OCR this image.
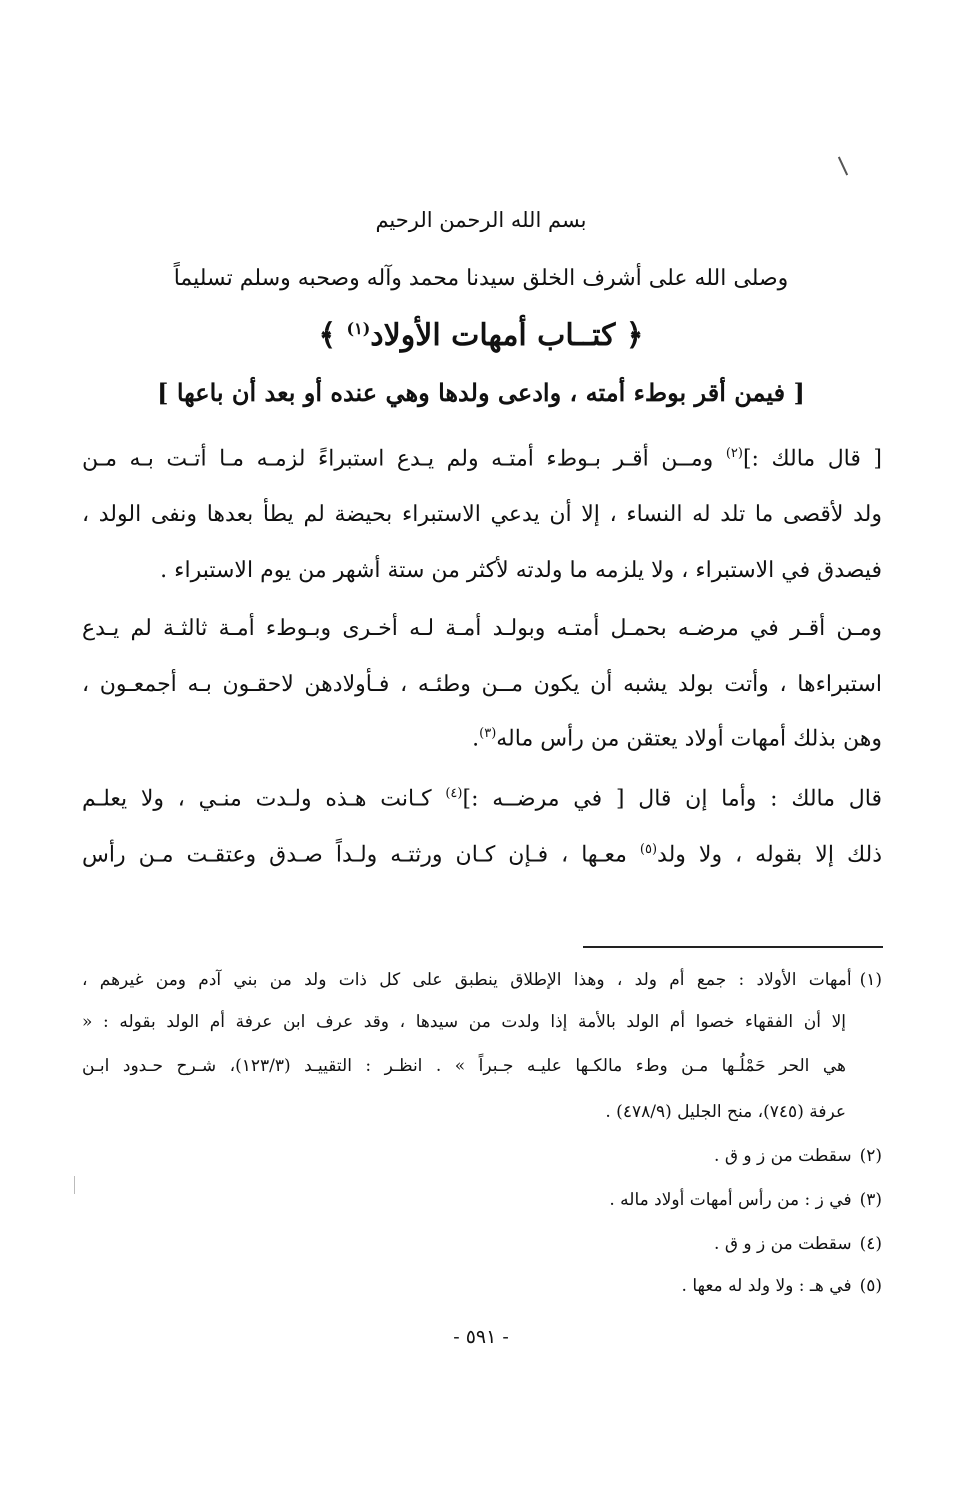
بسم الله الرحمن الرحيم
وصلى الله على أشرف الخلق سيدنا محمد وآله وصحبه وسلم تسليماً
﴿ كتــاب أمهات الأولاد$^{(١)}$ ﴾
[ فيمن أقر بوطء أمته ، وادعى ولدها وهي عنده أو بعد أن باعها ]
[ قال مالك :]$^{(٢)}$ ومــن أقـر بـوطء أمتـه ولم يـدع استبراءً لزمـه مـا أتـت بـه مـن
ولد لأقصى ما تلد له النساء ، إلا أن يدعي الاستبراء بحيضة لم يطأ بعدها ونفى الولد ،
فيصدق في الاستبراء ، ولا يلزمه ما ولدته لأكثر من ستة أشهر من يوم الاستبراء .
ومـن أقـر في مرضـه بحمـل أمتـه وبولـد أمـة لـه أخـرى وبـوطء أمـة ثالثـة لم يـدع
استبراءها ، وأتت بولد يشبه أن يكون مــن وطئـه ، فـأولادهن لاحقـون بـه أجمعـون ،
وهن بذلك أمهات أولاد يعتقن من رأس ماله$^{(٣)}$.
قال مالك : وأما إن قال [ في مرضــه :]$^{(٤)}$ كـانت هـذه ولـدت منـي ، ولا يعلـم
ذلك إلا بقوله ، ولا ولد$^{(٥)}$ معـها ، فـإن كـان ورثتـه ولـداً صـدق وعتقـت مـن رأس
(١)أمهات الأولاد : جمع أم ولد ، وهذا الإطلاق ينطبق على كل ذات ولد من بني آدم ومن غيرهم ،
إلا أن الفقهاء خصوا أم الولد بالأمة إذا ولدت من سيدها ، وقد عرف ابن عرفة أم الولد بقوله : «
هي الحر حَمْلُـها مـن وطء مالكـها عليـه جـبراً » . انظـر : التقييـد (١٢٣/٣)، شـرح حـدود ابـن
عرفة (٧٤٥)، منح الجليل (٤٧٨/٩) .
(٢)سقطت من ز و ق .
(٣)في ز : من رأس أمهات أولاد ماله .
(٤)سقطت من ز و ق .
(٥)في هـ : ولا ولد له معها .
- ٥٩١ -
